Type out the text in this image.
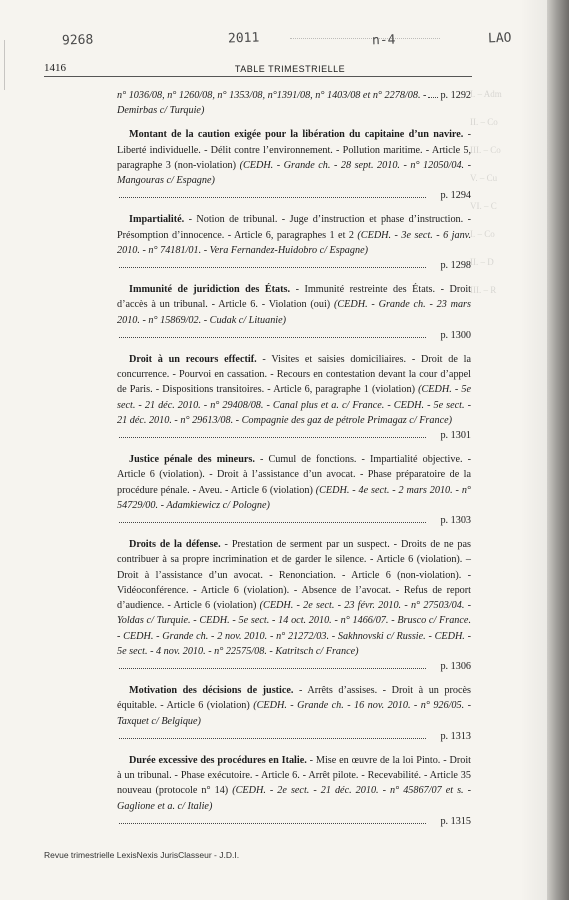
I. – Adm
II. – Co
III. – Co
V. – Cu
VI. – C
I. – Co
II. – D
III. – R
9268	2011	n-4	LAO
1416	TABLE TRIMESTRIELLE
n° 1036/08, n° 1260/08, n° 1353/08, n°1391/08, n° 1403/08 et n° 2278/08. - Demirbas c/ Turquie)
p. 1292
Montant de la caution exigée pour la libération du capitaine d’un navire. - Liberté individuelle. - Délit contre l’environnement. - Pollution maritime. - Article 5, paragraphe 3 (non-violation) (CEDH. - Grande ch. - 28 sept. 2010. - n° 12050/04. - Mangouras c/ Espagne)
p. 1294
Impartialité. - Notion de tribunal. - Juge d’instruction et phase d’instruction. - Présomption d’innocence. - Article 6, paragraphes 1 et 2 (CEDH. - 3e sect. - 6 janv. 2010. - n° 74181/01. - Vera Fernandez-Huidobro c/ Espagne)
p. 1298
Immunité de juridiction des États. - Immunité restreinte des États. - Droit d’accès à un tribunal. - Article 6. - Violation (oui) (CEDH. - Grande ch. - 23 mars 2010. - n° 15869/02. - Cudak c/ Lituanie)
p. 1300
Droit à un recours effectif. - Visites et saisies domiciliaires. - Droit de la concurrence. - Pourvoi en cassation. - Recours en contestation devant la cour d’appel de Paris. - Dispositions transitoires. - Article 6, paragraphe 1 (violation) (CEDH. - 5e sect. - 21 déc. 2010. - n° 29408/08. - Canal plus et a. c/ France. - CEDH. - 5e sect. - 21 déc. 2010. - n° 29613/08. - Compagnie des gaz de pétrole Primagaz c/ France)
p. 1301
Justice pénale des mineurs. - Cumul de fonctions. - Impartialité objective. - Article 6 (violation). - Droit à l’assistance d’un avocat. - Phase préparatoire de la procédure pénale. - Aveu. - Article 6 (violation) (CEDH. - 4e sect. - 2 mars 2010. - n° 54729/00. - Adamkiewicz c/ Pologne)
p. 1303
Droits de la défense. - Prestation de serment par un suspect. - Droits de ne pas contribuer à sa propre incrimination et de garder le silence. - Article 6 (violation). – Droit à l’assistance d’un avocat. - Renonciation. - Article 6 (non-violation). - Vidéoconférence. - Article 6 (violation). - Absence de l’avocat. - Refus de report d’audience. - Article 6 (violation) (CEDH. - 2e sect. - 23 févr. 2010. - n° 27503/04. - Yoldas c/ Turquie. - CEDH. - 5e sect. - 14 oct. 2010. - n° 1466/07. - Brusco c/ France. - CEDH. - Grande ch. - 2 nov. 2010. - n° 21272/03. - Sakhnovski c/ Russie. - CEDH. - 5e sect. - 4 nov. 2010. - n° 22575/08. - Katritsch c/ France)
p. 1306
Motivation des décisions de justice. - Arrêts d’assises. - Droit à un procès équitable. - Article 6 (violation) (CEDH. - Grande ch. - 16 nov. 2010. - n° 926/05. - Taxquet c/ Belgique)
p. 1313
Durée excessive des procédures en Italie. - Mise en œuvre de la loi Pinto. - Droit à un tribunal. - Phase exécutoire. - Article 6. - Arrêt pilote. - Recevabilité. - Article 35 nouveau (protocole n° 14) (CEDH. - 2e sect. - 21 déc. 2010. - n° 45867/07 et s. - Gaglione et a. c/ Italie)
p. 1315
Revue trimestrielle LexisNexis JurisClasseur - J.D.I.
